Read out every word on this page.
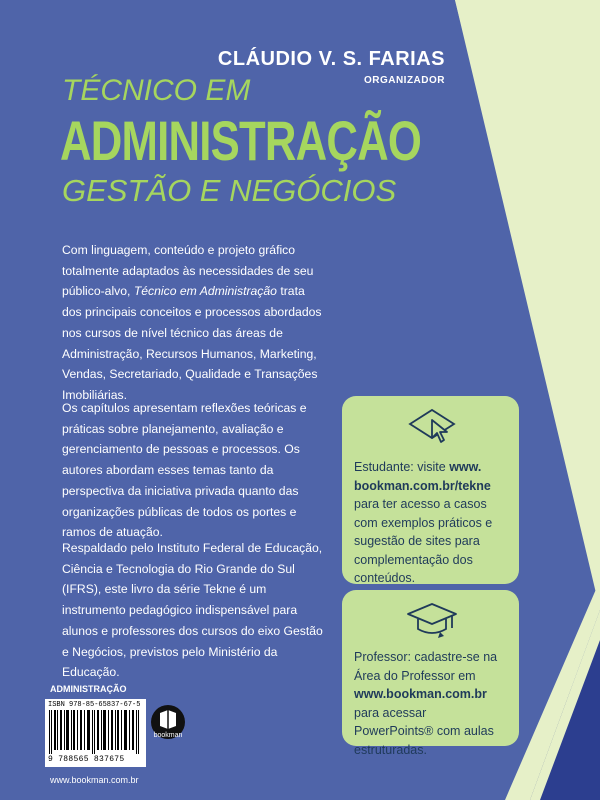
CLÁUDIO V. S. FARIAS
ORGANIZADOR
TÉCNICO EM
ADMINISTRAÇÃO
GESTÃO E NEGÓCIOS
Com linguagem, conteúdo e projeto gráfico totalmente adaptados às necessidades de seu público-alvo, Técnico em Administração trata dos principais conceitos e processos abordados nos cursos de nível técnico das áreas de Administração, Recursos Humanos, Marketing, Vendas, Secretariado, Qualidade e Transações Imobiliárias.
Os capítulos apresentam reflexões teóricas e práticas sobre planejamento, avaliação e gerenciamento de pessoas e processos. Os autores abordam esses temas tanto da perspectiva da iniciativa privada quanto das organizações públicas de todos os portes e ramos de atuação.
Respaldado pelo Instituto Federal de Educação, Ciência e Tecnologia do Rio Grande do Sul (IFRS), este livro da série Tekne é um instrumento pedagógico indispensável para alunos e professores dos cursos do eixo Gestão e Negócios, previstos pelo Ministério da Educação.
Estudante: visite www. bookman.com.br/tekne para ter acesso a casos com exemplos práticos e sugestão de sites para complementação dos conteúdos.
Professor: cadastre-se na Área do Professor em www.bookman.com.br para acessar PowerPoints® com aulas estruturadas.
ADMINISTRAÇÃO
ISBN 978-85-65837-67-5
9 788565 837675
bookman
www.bookman.com.br
